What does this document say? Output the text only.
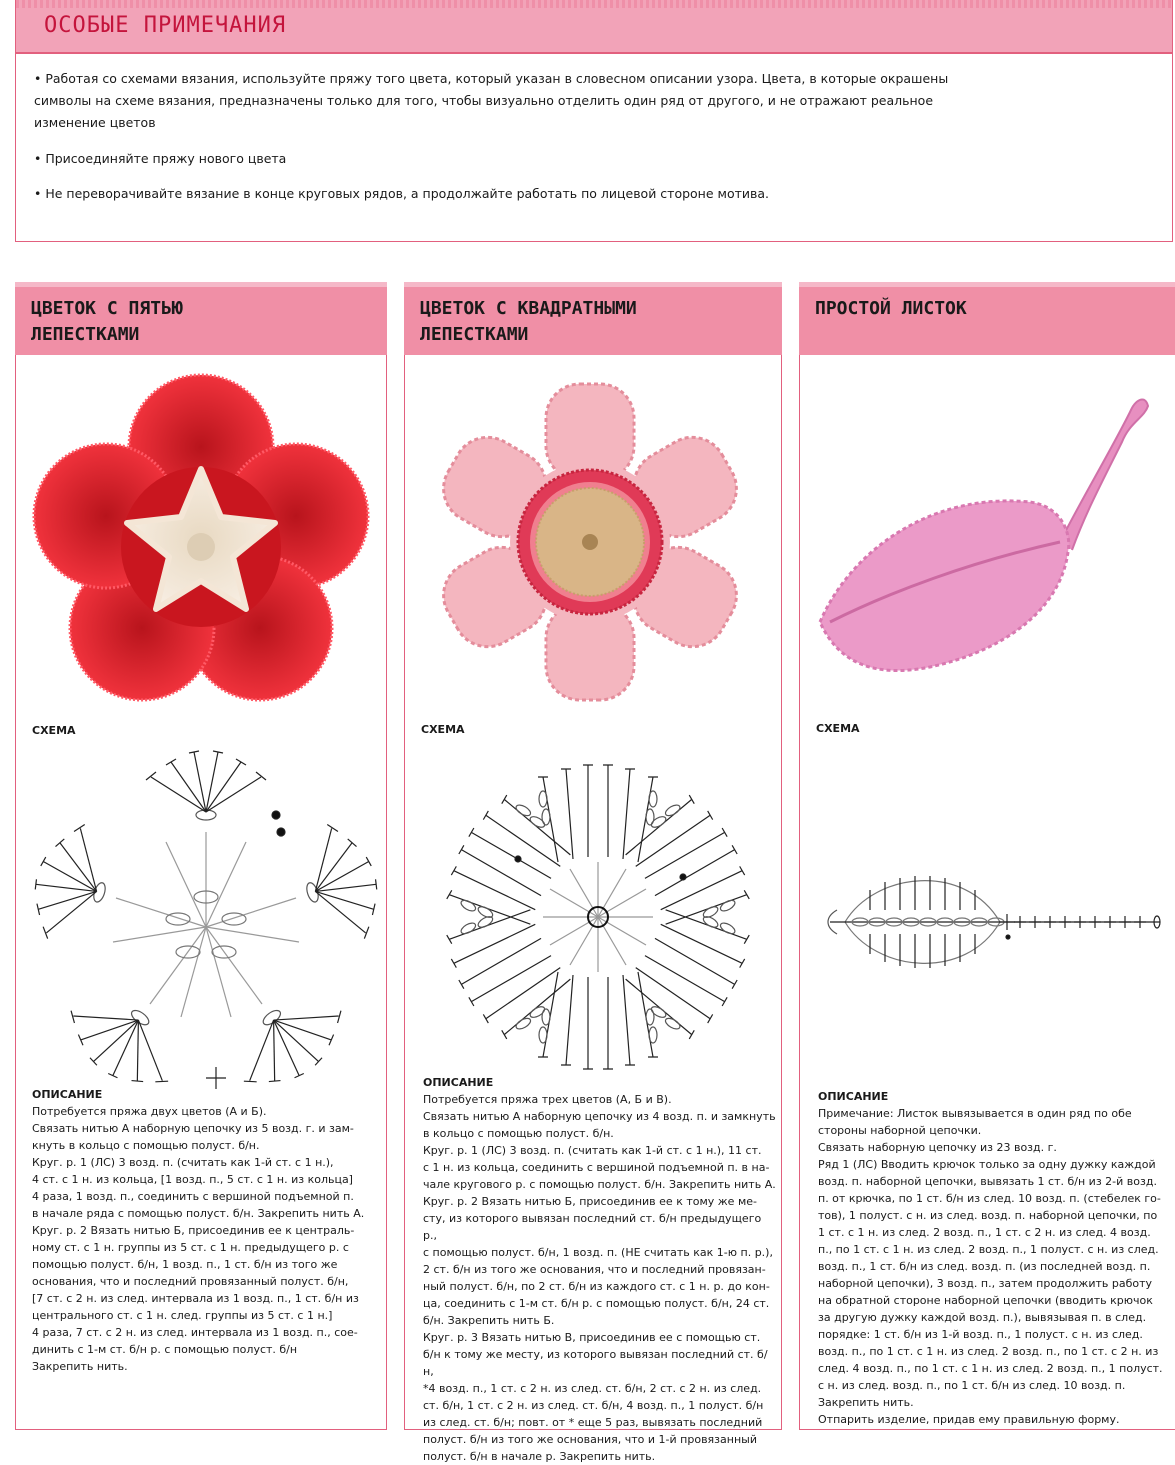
ОСОБЫЕ ПРИМЕЧАНИЯ
• Работая со схемами вязания, используйте пряжу того цвета, который указан в словесном описании узора. Цвета, в которые окрашены символы на схеме вязания, предназначены только для того, чтобы визуально отделить один ряд от другого, и не отражают реальное изменение цветов
• Присоединяйте пряжу нового цвета
• Не переворачивайте вязание в конце круговых рядов, а продолжайте работать по лицевой стороне мотива.
ЦВЕТОК С ПЯТЬЮ
ЛЕПЕСТКАМИ
СХЕМА

ОПИСАНИЕ

Потребуется пряжа двух цветов (А и Б).

Связать нитью А наборную цепочку из 5 возд. г. и зам-

кнуть в кольцо с помощью полуст. б/н.

Круг. р. 1 (ЛС) 3 возд. п. (считать как 1-й ст. с 1 н.),

4 ст. с 1 н. из кольца, [1 возд. п., 5 ст. с 1 н. из кольца]

4 раза, 1 возд. п., соединить с вершиной подъемной п.

в начале ряда с помощью полуст. б/н. Закрепить нить А.

Круг. р. 2 Вязать нитью Б, присоединив ее к централь-

ному ст. с 1 н. группы из 5 ст. с 1 н. предыдущего р. с

помощью полуст. б/н, 1 возд. п., 1 ст. б/н из того же

основания, что и последний провязанный полуст. б/н,

[7 ст. с 2 н. из след. интервала из 1 возд. п., 1 ст. б/н из

центрального ст. с 1 н. след. группы из 5 ст. с 1 н.]

4 раза, 7 ст. с 2 н. из след. интервала из 1 возд. п., соe-

динить с 1-м ст. б/н р. с помощью полуст. б/н

Закрепить нить.

ЦВЕТОК С КВАДРАТНЫМИ
ЛЕПЕСТКАМИ
СХЕМА

ОПИСАНИЕ

Потребуется пряжа трех цветов (А, Б и В).

Связать нитью А наборную цепочку из 4 возд. п. и замкнуть

в кольцо с помощью полуст. б/н.

Круг. р. 1 (ЛС) 3 возд. п. (считать как 1-й ст. с 1 н.), 11 ст.

с 1 н. из кольца, соединить с вершиной подъемной п. в на-

чале кругового р. с помощью полуст. б/н. Закрепить нить А.

Круг. р. 2 Вязать нитью Б, присоединив ее к тому же ме-

сту, из которого вывязан последний ст. б/н предыдущего р.,

с помощью полуст. б/н, 1 возд. п. (НЕ считать как 1-ю п. р.),

2 ст. б/н из того же основания, что и последний провязан-

ный полуст. б/н, по 2 ст. б/н из каждого ст. с 1 н. р. до кон-

ца, соединить с 1-м ст. б/н р. с помощью полуст. б/н, 24 ст.

б/н. Закрепить нить Б.

Круг. р. 3 Вязать нитью В, присоединив ее с помощью ст.

б/н к тому же месту, из которого вывязан последний ст. б/н,

*4 возд. п., 1 ст. с 2 н. из след. ст. б/н, 2 ст. с 2 н. из след.

ст. б/н, 1 ст. с 2 н. из след. ст. б/н, 4 возд. п., 1 полуст. б/н

из след. ст. б/н; повт. от * еще 5 раз, вывязать последний

полуст. б/н из того же основания, что и 1-й провязанный

полуст. б/н в начале р. Закрепить нить.

ПРОСТОЙ ЛИСТОК
СХЕМА

ОПИСАНИЕ

Примечание: Листок вывязывается в один ряд по обе

стороны наборной цепочки.

Связать наборную цепочку из 23 возд. г.

Ряд 1 (ЛС) Вводить крючок только за одну дужку каждой

возд. п. наборной цепочки, вывязать 1 ст. б/н из 2-й возд.

п. от крючка, по 1 ст. б/н из след. 10 возд. п. (стебелек го-

тов), 1 полуст. с н. из след. возд. п. наборной цепочки, по

1 ст. с 1 н. из след. 2 возд. п., 1 ст. с 2 н. из след. 4 возд.

п., по 1 ст. с 1 н. из след. 2 возд. п., 1 полуст. с н. из след.

возд. п., 1 ст. б/н из след. возд. п. (из последней возд. п.

наборной цепочки), 3 возд. п., затем продолжить работу

на обратной стороне наборной цепочки (вводить крючок

за другую дужку каждой возд. п.), вывязывая п. в след.

порядке: 1 ст. б/н из 1-й возд. п., 1 полуст. с н. из след.

возд. п., по 1 ст. с 1 н. из след. 2 возд. п., по 1 ст. с 2 н. из

след. 4 возд. п., по 1 ст. с 1 н. из след. 2 возд. п., 1 полуст.

с н. из след. возд. п., по 1 ст. б/н из след. 10 возд. п.

Закрепить нить.

Отпарить изделие, придав ему правильную форму.
